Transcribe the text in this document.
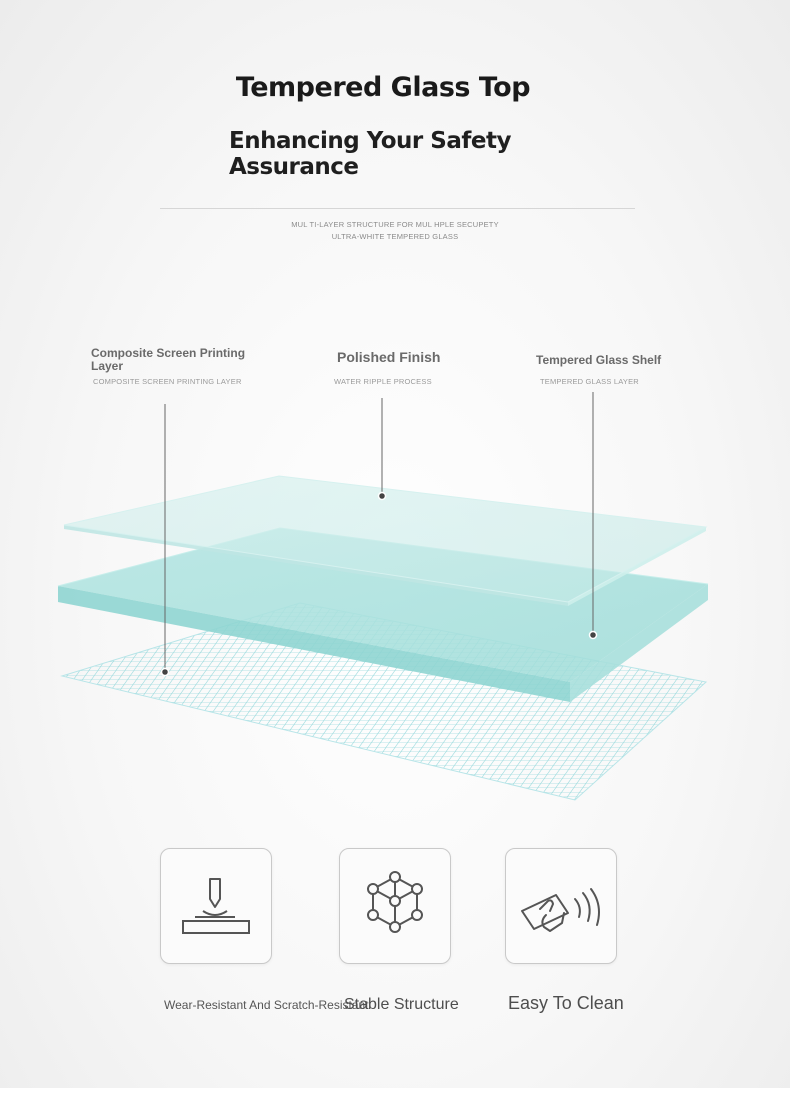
Tempered Glass Top
Enhancing Your Safety
Assurance
MUL TI-LAYER STRUCTURE FOR MUL HPLE SECUPETY
ULTRA-WHITE TEMPERED GLASS
Composite Screen Printing
Layer
COMPOSITE SCREEN PRINTING LAYER
Polished Finish
WATER RIPPLE PROCESS
Tempered Glass Shelf
TEMPERED GLASS LAYER
Wear-Resistant And Scratch-Resistant
Stable Structure	Easy To Clean
